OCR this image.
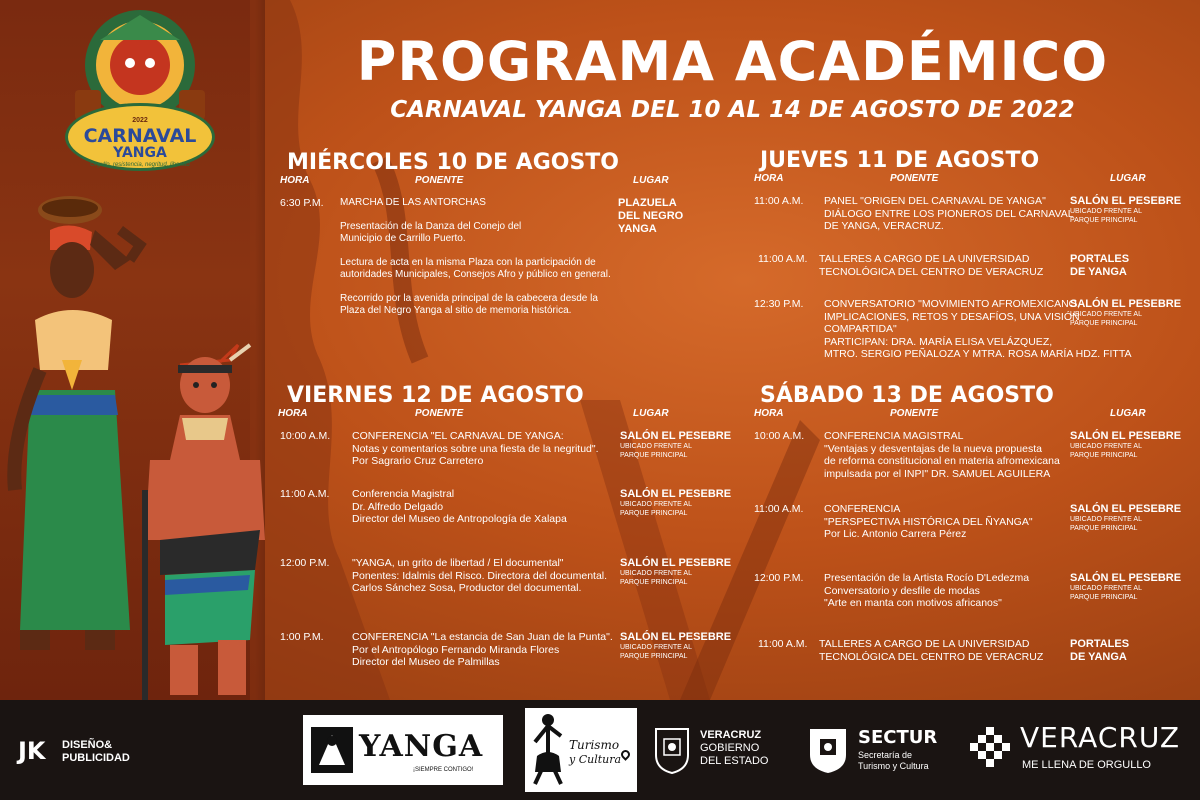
2022
CARNAVAL
YANGA
Orgullo, resistencia, negritud, libertad
PROGRAMA ACADÉMICO
CARNAVAL YANGA DEL 10 AL 14 DE AGOSTO DE 2022
MIÉRCOLES 10 DE AGOSTO
HORA	PONENTE	LUGAR
6:30 P.M. MARCHA DE LAS ANTORCHAS
Presentación de la Danza del Conejo del
Municipio de Carrillo Puerto.
Lectura de acta en la misma Plaza con la participación de
autoridades Municipales, Consejos Afro y público en general.
Recorrido por la avenida principal de la cabecera desde la
Plaza del Negro Yanga al sitio de memoria histórica.
PLAZUELA
DEL NEGRO
YANGA
JUEVES 11 DE AGOSTO
HORA	PONENTE	LUGAR
11:00 A.M. PANEL "ORIGEN DEL CARNAVAL DE YANGA"
DIÁLOGO ENTRE LOS PIONEROS DEL CARNAVAL
DE YANGA, VERACRUZ.
SALÓN EL PESEBRE
UBICADO FRENTE AL
PARQUE PRINCIPAL
11:00 A.M. TALLERES A CARGO DE LA UNIVERSIDAD
TECNOLÓGICA DEL CENTRO DE VERACRUZ
PORTALES
DE YANGA
12:30 P.M. CONVERSATORIO "MOVIMIENTO AFROMEXICANO,
IMPLICACIONES, RETOS Y DESAFÍOS, UNA VISIÓN
COMPARTIDA"
PARTICIPAN: DRA. MARÍA ELISA VELÁZQUEZ,
MTRO. SERGIO PEÑALOZA Y MTRA. ROSA MARÍA HDZ. FITTA
SALÓN EL PESEBRE
UBICADO FRENTE AL
PARQUE PRINCIPAL
VIERNES 12 DE AGOSTO
HORA	PONENTE	LUGAR
10:00 A.M. CONFERENCIA "EL CARNAVAL DE YANGA:
Notas y comentarios sobre una fiesta de la negritud".
Por Sagrario Cruz Carretero
SALÓN EL PESEBRE
UBICADO FRENTE AL
PARQUE PRINCIPAL
11:00 A.M. Conferencia Magistral
Dr. Alfredo Delgado
Director del Museo de Antropología de Xalapa
SALÓN EL PESEBRE
UBICADO FRENTE AL
PARQUE PRINCIPAL
12:00 P.M. "YANGA, un grito de libertad / El documental"
Ponentes: Idalmis del Risco. Directora del documental.
Carlos Sánchez Sosa, Productor del documental.
SALÓN EL PESEBRE
UBICADO FRENTE AL
PARQUE PRINCIPAL
1:00 P.M.	CONFERENCIA "La estancia de San Juan de la Punta".
Por el Antropólogo Fernando Miranda Flores
Director del Museo de Palmillas
SALÓN EL PESEBRE
UBICADO FRENTE AL
PARQUE PRINCIPAL
SÁBADO 13 DE AGOSTO
HORA	PONENTE	LUGAR
10:00 A.M. CONFERENCIA MAGISTRAL
"Ventajas y desventajas de la nueva propuesta
de reforma constitucional en materia afromexicana
impulsada por el INPI" DR. SAMUEL AGUILERA
SALÓN EL PESEBRE
UBICADO FRENTE AL
PARQUE PRINCIPAL
11:00 A.M. CONFERENCIA
"PERSPECTIVA HISTÓRICA DEL ÑYANGA"
Por Lic. Antonio Carrera Pérez
SALÓN EL PESEBRE
UBICADO FRENTE AL
PARQUE PRINCIPAL
12:00 P.M. Presentación de la Artista Rocío D'Ledezma
Conversatorio y desfile de modas
"Arte en manta con motivos africanos"
SALÓN EL PESEBRE
UBICADO FRENTE AL
PARQUE PRINCIPAL
11:00 A.M. TALLERES A CARGO DE LA UNIVERSIDAD
TECNOLÓGICA DEL CENTRO DE VERACRUZ
PORTALES
DE YANGA
JK DISEÑO&
PUBLICIDAD	YANGA
¡SIEMPRE CONTIGO!
Turismo
y Cultura
VERACRUZ
GOBIERNO
DEL ESTADO
SECTUR
Secretaría de
Turismo y Cultura
VERACRUZ
ME LLENA DE ORGULLO
